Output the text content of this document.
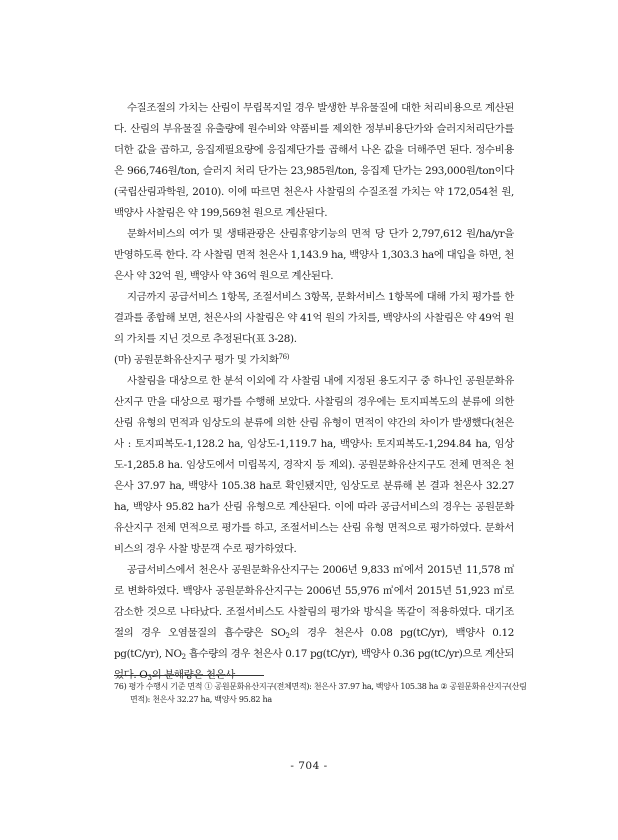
수질조절의 가치는 산림이 무립목지일 경우 발생한 부유물질에 대한 처리비용으로 계산된다. 산림의 부유물질 유출량에 원수비와 약품비를 제외한 정부비용단가와 슬러지처리단가를 더한 값을 곱하고, 응집제필요량에 응집제단가를 곱해서 나온 값을 더해주면 된다. 정수비용은 966,746원/ton, 슬러지 처리 단가는 23,985원/ton, 응집제 단가는 293,000원/ton이다(국립산림과학원, 2010). 이에 따르면 천은사 사찰림의 수질조절 가치는 약 172,054천 원, 백양사 사찰림은 약 199,569천 원으로 계산된다.

문화서비스의 여가 및 생태관광은 산림휴양기능의 면적 당 단가 2,797,612 원/ha/yr을 반영하도록 한다. 각 사찰림 면적 천은사 1,143.9 ha, 백양사 1,303.3 ha에 대입을 하면, 천은사 약 32억 원, 백양사 약 36억 원으로 계산된다.

지금까지 공급서비스 1항목, 조절서비스 3항목, 문화서비스 1항목에 대해 가치 평가를 한 결과를 종합해 보면, 천은사의 사찰림은 약 41억 원의 가치를, 백양사의 사찰림은 약 49억 원의 가치를 지닌 것으로 추정된다(표 3-28).

(마) 공원문화유산지구 평가 및 가치화$^{76)}$

사찰림을 대상으로 한 분석 이외에 각 사찰림 내에 지정된 용도지구 중 하나인 공원문화유산지구 만을 대상으로 평가를 수행해 보았다. 사찰림의 경우에는 토지피복도의 분류에 의한 산림 유형의 면적과 임상도의 분류에 의한 산림 유형이 면적이 약간의 차이가 발생했다(천은사 : 토지피복도-1,128.2 ha, 임상도-1,119.7 ha, 백양사: 토지피복도-1,294.84 ha, 임상도-1,285.8 ha. 임상도에서 미립목지, 경작지 등 제외). 공원문화유산지구도 전체 면적은 천은사 37.97 ha, 백양사 105.38 ha로 확인됐지만, 임상도로 분류해 본 결과 천은사 32.27 ha, 백양사 95.82 ha가 산림 유형으로 계산된다. 이에 따라 공급서비스의 경우는 공원문화유산지구 전체 면적으로 평가를 하고, 조절서비스는 산림 유형 면적으로 평가하였다. 문화서비스의 경우 사찰 방문객 수로 평가하였다.

공급서비스에서 천은사 공원문화유산지구는 2006년 9,833 ㎥에서 2015년 11,578 ㎥로 변화하였다. 백양사 공원문화유산지구는 2006년 55,976 ㎥에서 2015년 51,923 ㎥로 감소한 것으로 나타났다. 조절서비스도 사찰림의 평가와 방식을 똑같이 적용하였다. 대기조절의 경우 오염물질의 흡수량은 $SO_2$의 경우 천은사 0.08 pg(tC/yr), 백양사 0.12 pg(tC/yr), $NO_2$ 흡수량의 경우 천은사 0.17 pg(tC/yr), 백양사 0.36 pg(tC/yr)으로 계산되었다. $O_3$의 분해량은 천은사

76) 평가 수행시 기준 면적 ① 공원문화유산지구(전체면적): 천은사 37.97 ha, 백양사 105.38 ha ② 공원문화유산지구(산림면적): 천은사 32.27 ha, 백양사 95.82 ha
- 704 -
